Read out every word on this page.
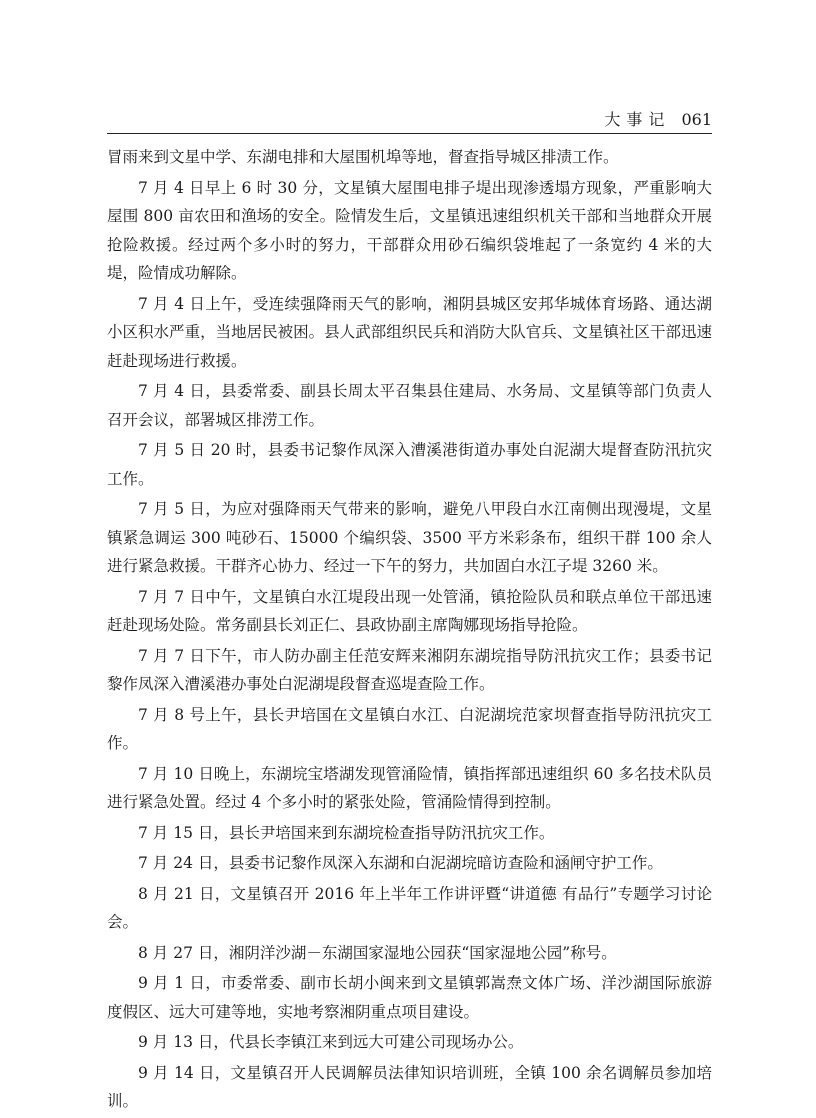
大事记 061

冒雨来到文星中学、东湖电排和大屋围机埠等地，督查指导城区排渍工作。

7 月 4 日早上 6 时 30 分，文星镇大屋围电排子堤出现渗透塌方现象，严重影响大屋围 800 亩农田和渔场的安全。险情发生后，文星镇迅速组织机关干部和当地群众开展抢险救援。经过两个多小时的努力，干部群众用砂石编织袋堆起了一条宽约 4 米的大堤，险情成功解除。

7 月 4 日上午，受连续强降雨天气的影响，湘阴县城区安邦华城体育场路、通达湖小区积水严重，当地居民被困。县人武部组织民兵和消防大队官兵、文星镇社区干部迅速赶赴现场进行救援。

7 月 4 日，县委常委、副县长周太平召集县住建局、水务局、文星镇等部门负责人召开会议，部署城区排涝工作。

7 月 5 日 20 时，县委书记黎作凤深入漕溪港街道办事处白泥湖大堤督查防汛抗灾工作。

7 月 5 日，为应对强降雨天气带来的影响，避免八甲段白水江南侧出现漫堤，文星镇紧急调运 300 吨砂石、15000 个编织袋、3500 平方米彩条布，组织干群 100 余人进行紧急救援。干群齐心协力、经过一下午的努力，共加固白水江子堤 3260 米。

7 月 7 日中午，文星镇白水江堤段出现一处管涌，镇抢险队员和联点单位干部迅速赶赴现场处险。常务副县长刘正仁、县政协副主席陶娜现场指导抢险。

7 月 7 日下午，市人防办副主任范安辉来湘阴东湖垸指导防汛抗灾工作；县委书记黎作凤深入漕溪港办事处白泥湖堤段督查巡堤查险工作。

7 月 8 号上午，县长尹培国在文星镇白水江、白泥湖垸范家坝督查指导防汛抗灾工作。

7 月 10 日晚上，东湖垸宝塔湖发现管涌险情，镇指挥部迅速组织 60 多名技术队员进行紧急处置。经过 4 个多小时的紧张处险，管涌险情得到控制。

7 月 15 日，县长尹培国来到东湖垸检查指导防汛抗灾工作。

7 月 24 日，县委书记黎作凤深入东湖和白泥湖垸暗访查险和涵闸守护工作。

8 月 21 日，文星镇召开 2016 年上半年工作讲评暨“讲道德 有品行”专题学习讨论会。

8 月 27 日，湘阴洋沙湖－东湖国家湿地公园获“国家湿地公园”称号。

9 月 1 日，市委常委、副市长胡小闽来到文星镇郭嵩焘文体广场、洋沙湖国际旅游度假区、远大可建等地，实地考察湘阴重点项目建设。

9 月 13 日，代县长李镇江来到远大可建公司现场办公。

9 月 14 日，文星镇召开人民调解员法律知识培训班，全镇 100 余名调解员参加培训。
